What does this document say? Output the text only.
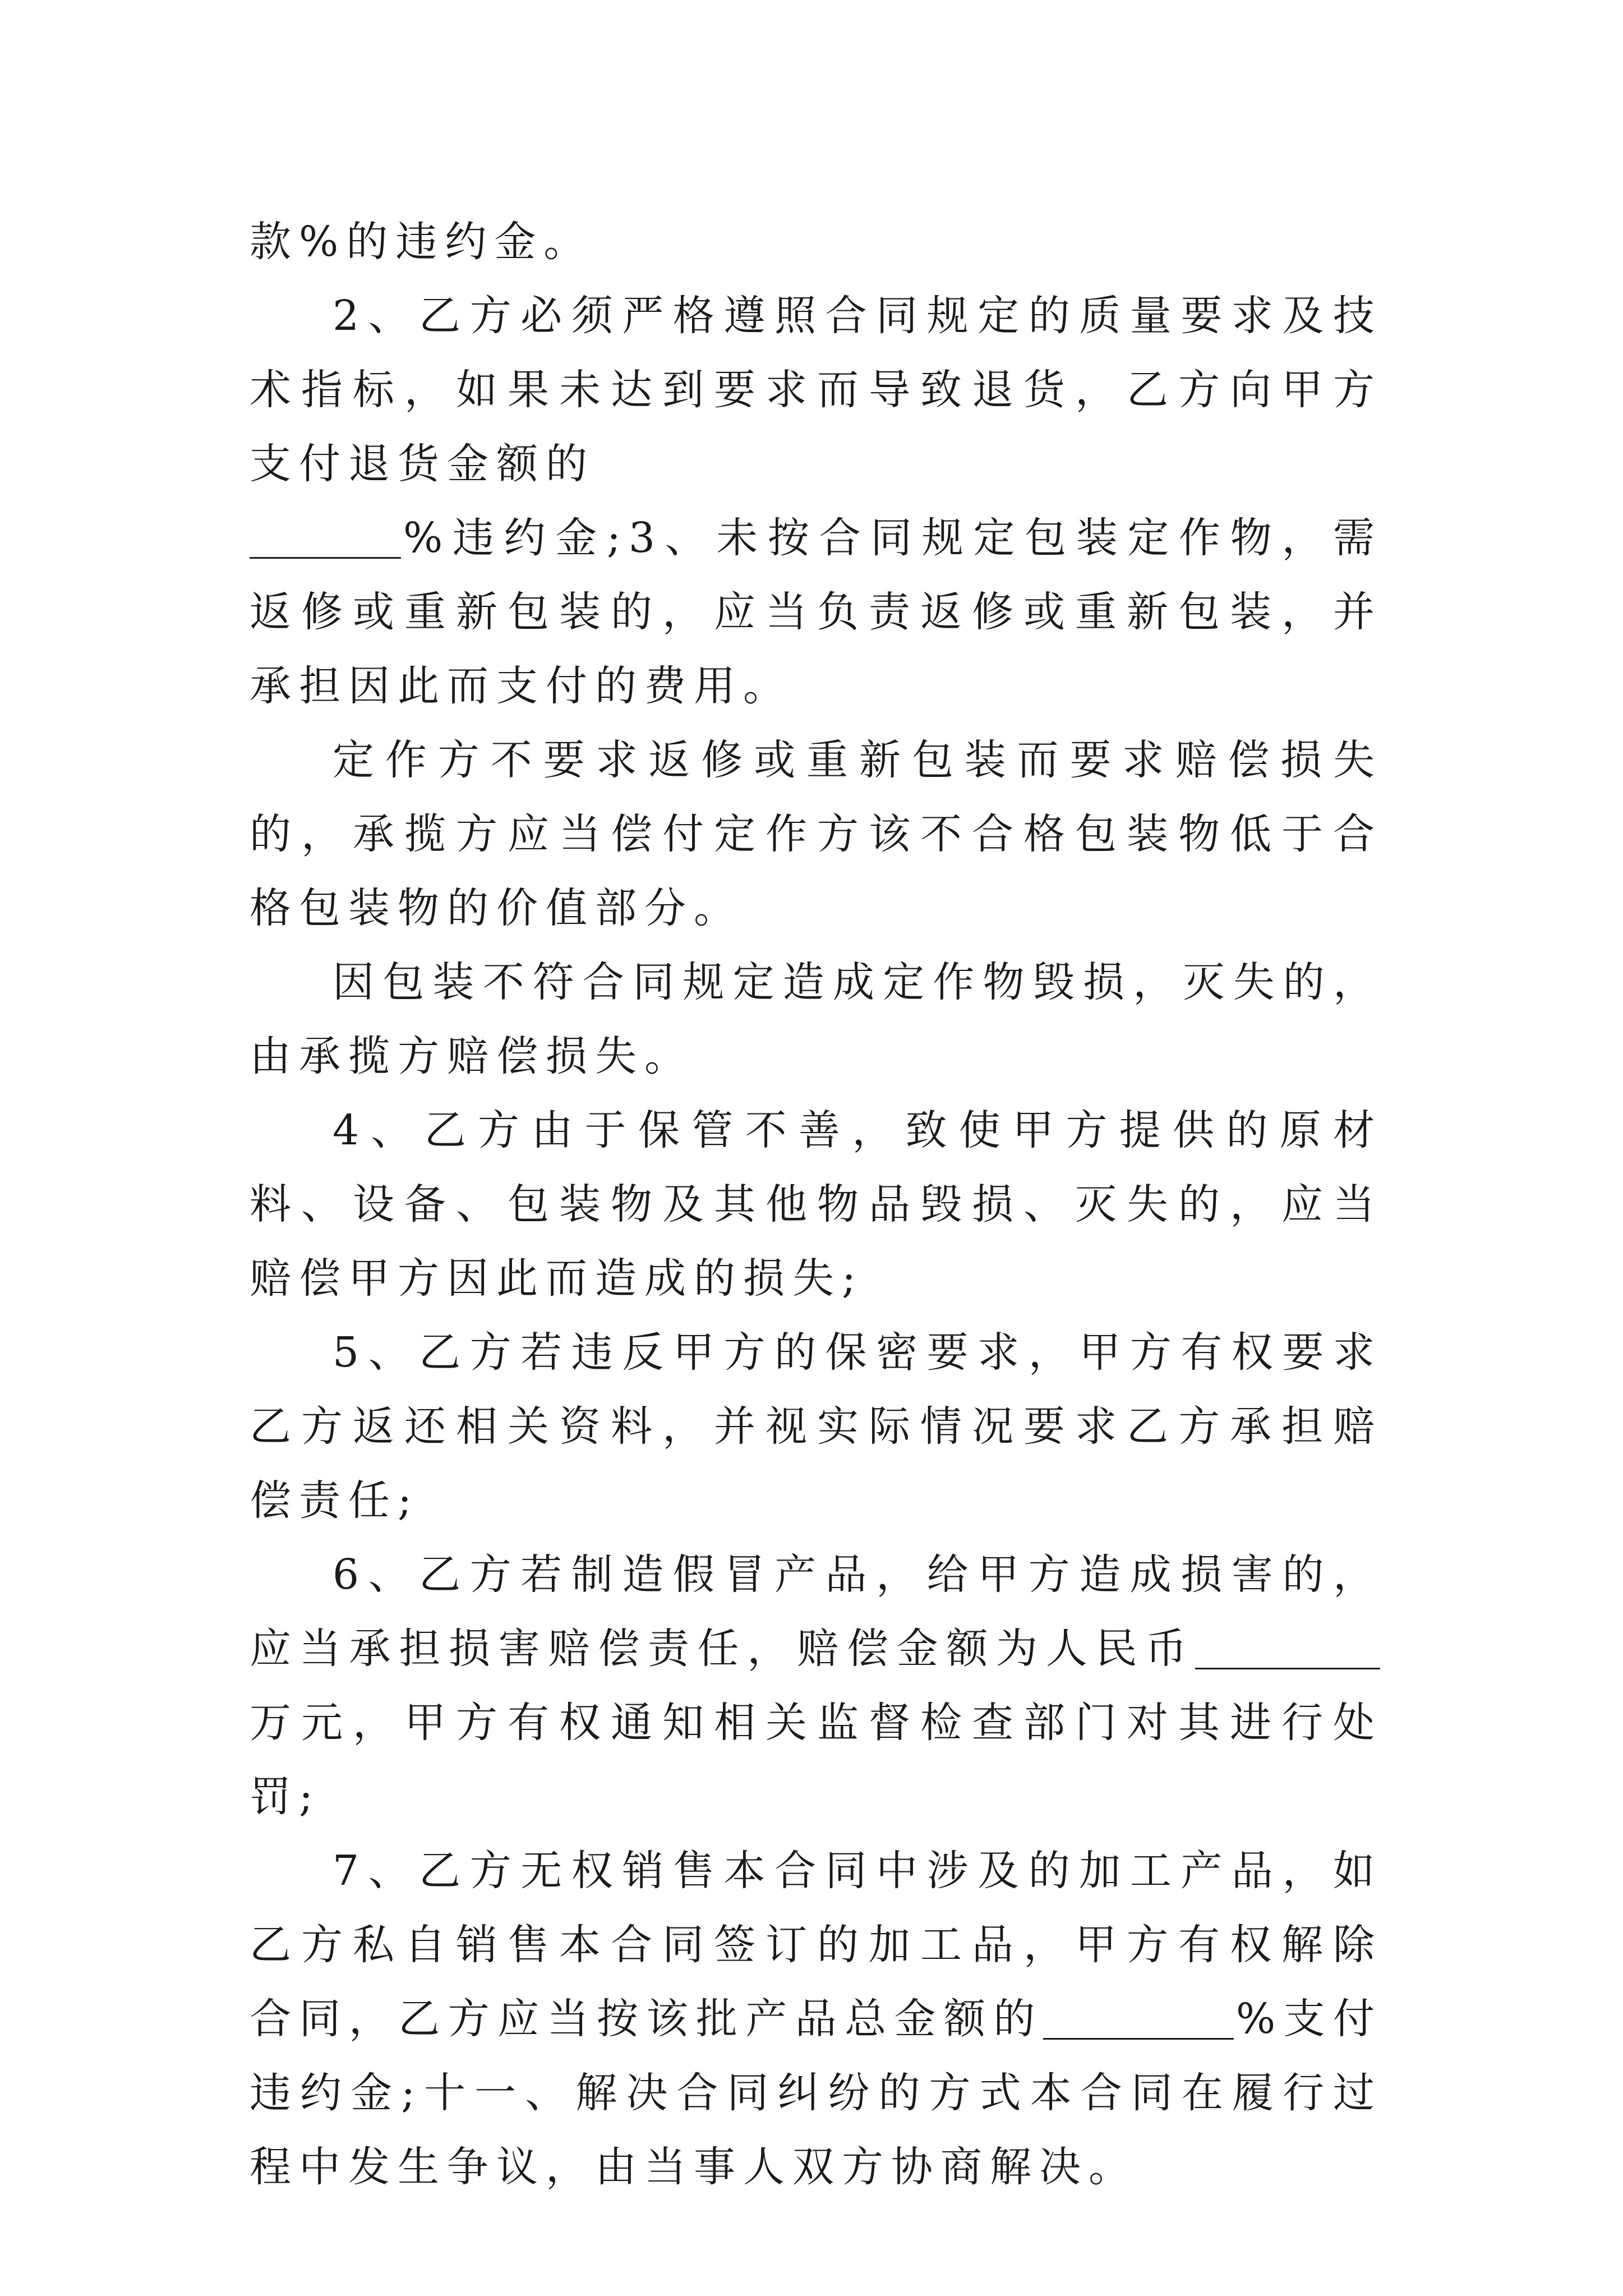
款%的违约金。

2、乙方必须严格遵照合同规定的质量要求及技术指标，如果未达到要求而导致退货，乙方向甲方支付退货金额的
%违约金;3、未按合同规定包装定作物，需返修或重新包装的，应当负责返修或重新包装，并承担因此而支付的费用。

定作方不要求返修或重新包装而要求赔偿损失的，承揽方应当偿付定作方该不合格包装物低于合格包装物的价值部分。

因包装不符合同规定造成定作物毁损，灭失的，由承揽方赔偿损失。

4、乙方由于保管不善，致使甲方提供的原材料、设备、包装物及其他物品毁损、灭失的，应当赔偿甲方因此而造成的损失;

5、乙方若违反甲方的保密要求，甲方有权要求乙方返还相关资料，并视实际情况要求乙方承担赔偿责任;

6、乙方若制造假冒产品，给甲方造成损害的，应当承担损害赔偿责任，赔偿金额为人民币万元，甲方有权通知相关监督检查部门对其进行处罚;

7、乙方无权销售本合同中涉及的加工产品，如乙方私自销售本合同签订的加工品，甲方有权解除合同，乙方应当按该批产品总金额的	%支付违约金;十一、解决合同纠纷的方式本合同在履行过程中发生争议，由当事人双方协商解决。
